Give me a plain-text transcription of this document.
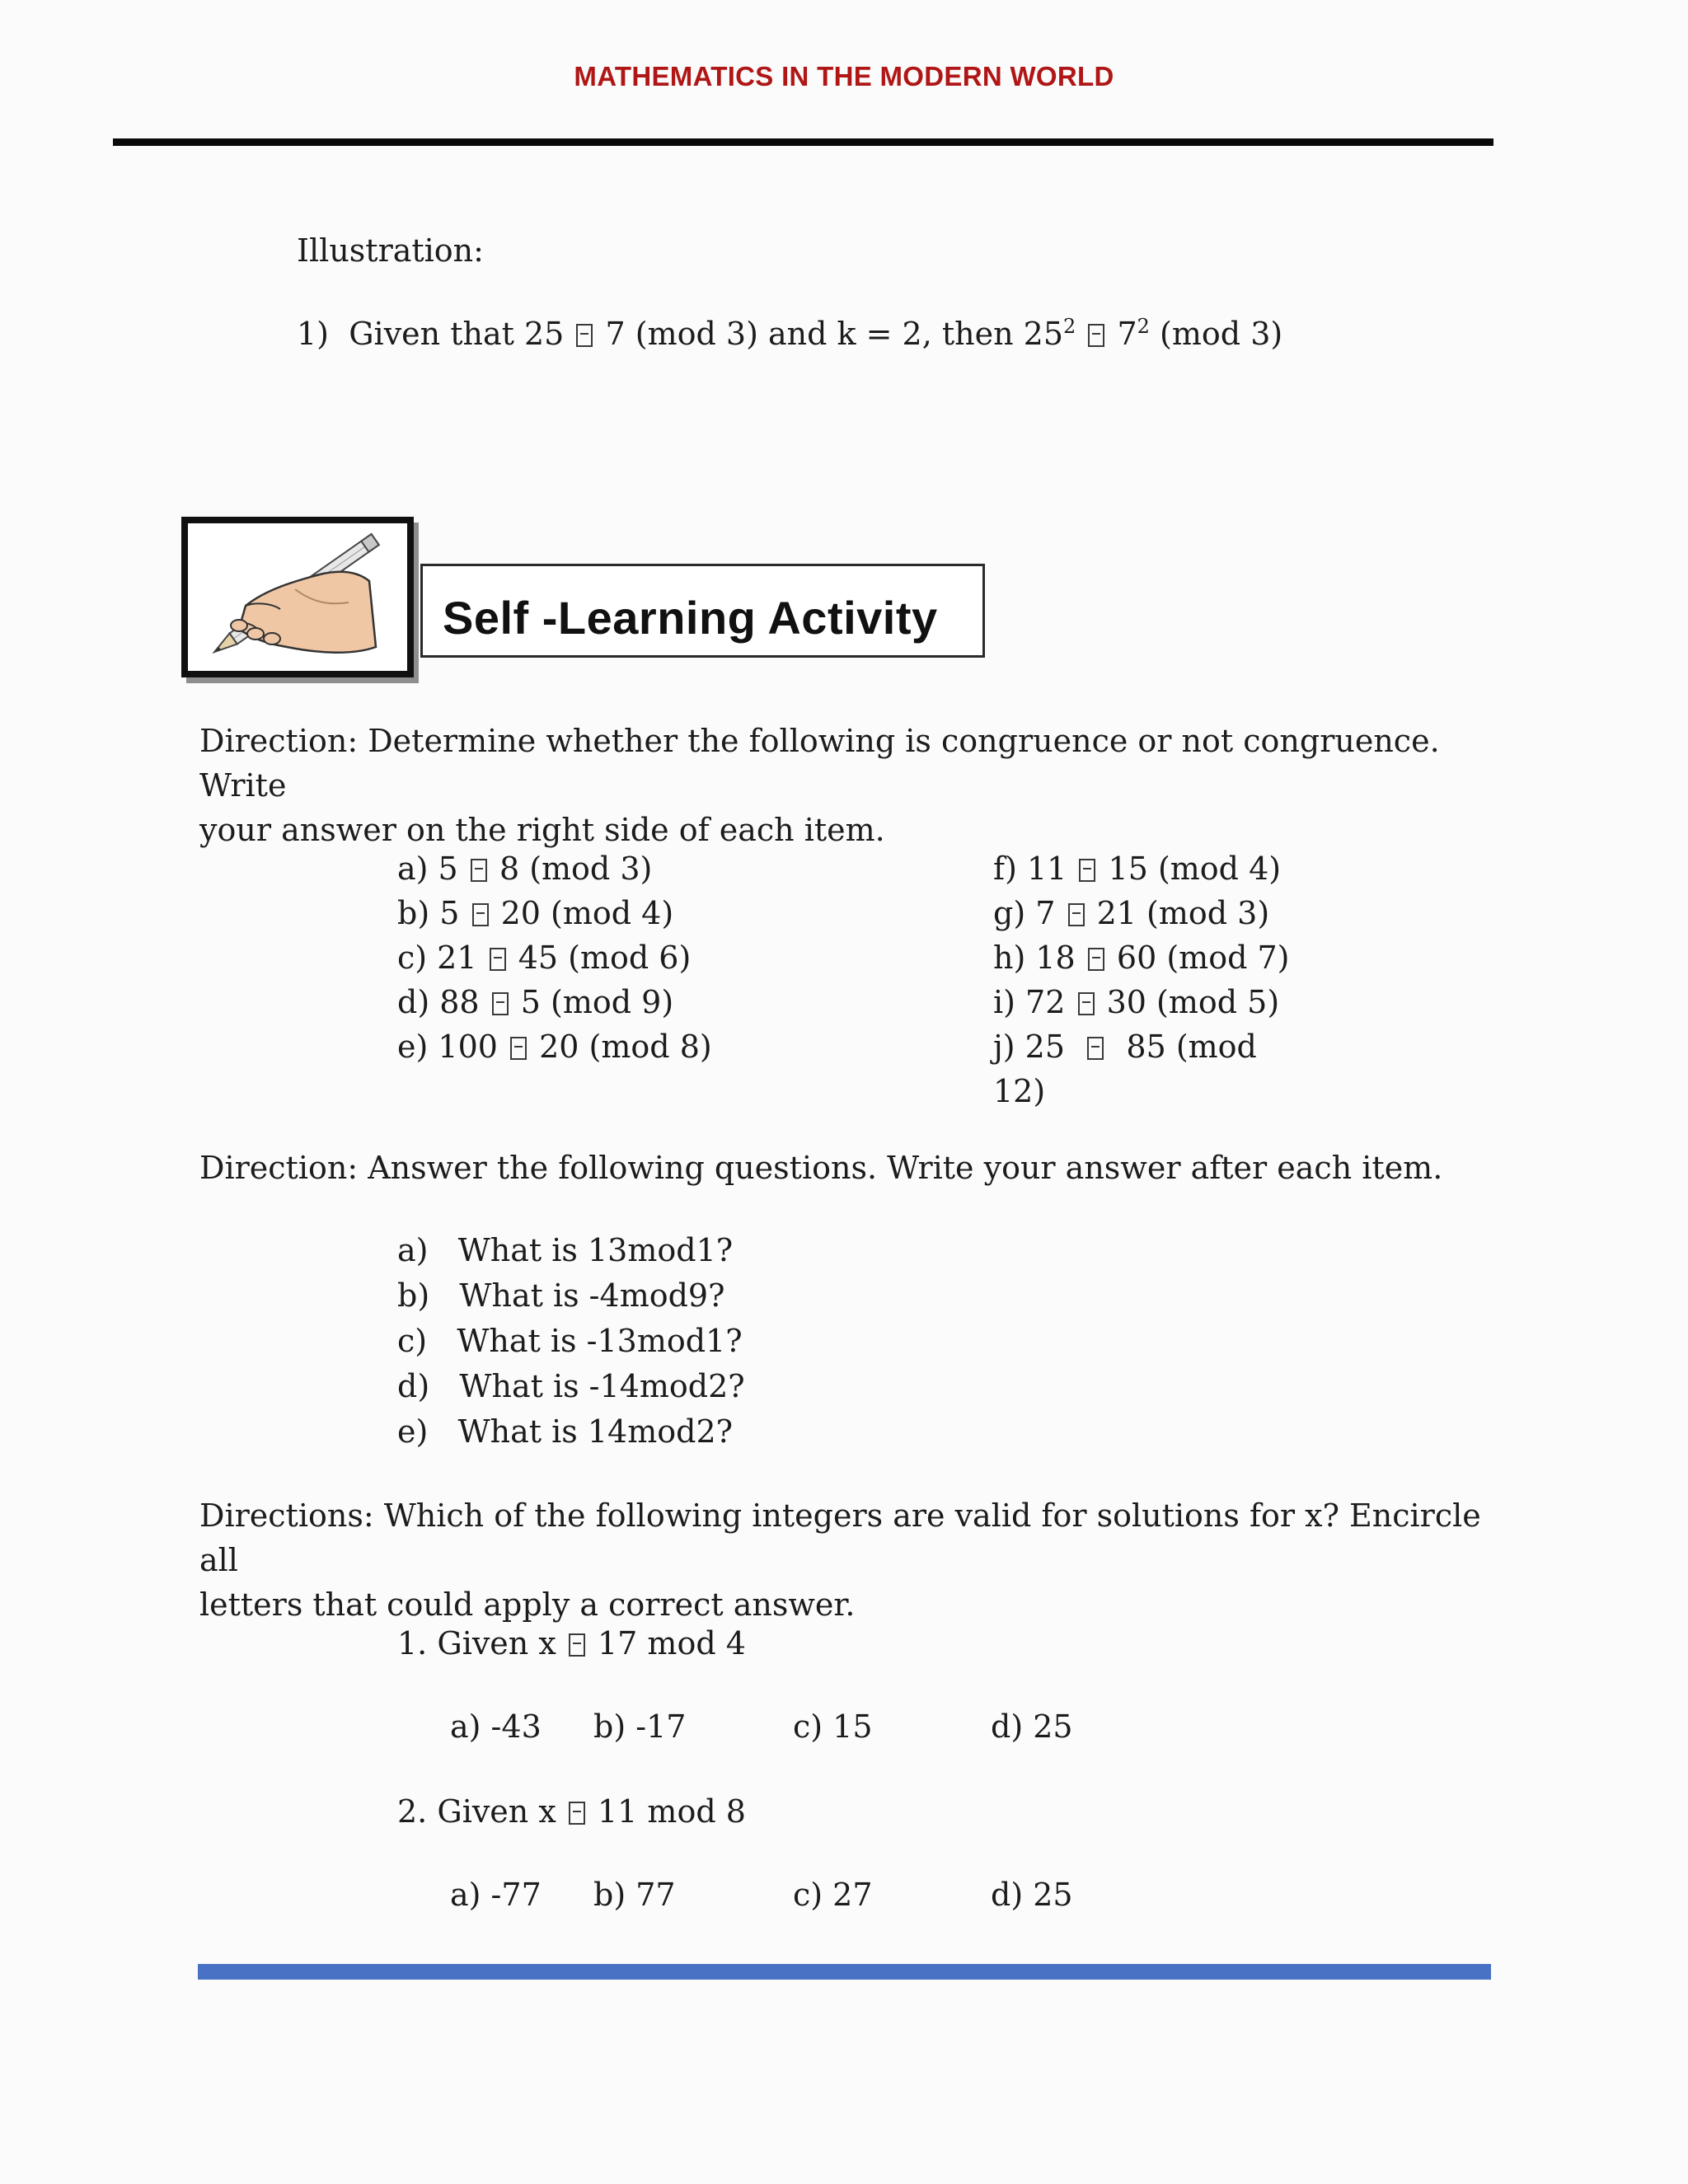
MATHEMATICS IN THE MODERN WORLD
Illustration:
1) Given that 25 7 (mod 3) and k = 2, then $25^2$ $7^2$ (mod 3)
Self -Learning Activity
Direction: Determine whether the following is congruence or not congruence. Write
your answer on the right side of each item.
a) 5 8 (mod 3)
b) 5 20 (mod 4)
c) 21 45 (mod 6)
d) 88 5 (mod 9)
e) 100 20 (mod 8)
f) 11 15 (mod 4)
g) 7 21 (mod 3)
h) 18 60 (mod 7)
i) 72 30 (mod 5)
j) 25 85 (mod
12)
Direction: Answer the following questions. Write your answer after each item.
a) What is 13mod1?
b) What is -4mod9?
c) What is -13mod1?
d) What is -14mod2?
e) What is 14mod2?
Directions: Which of the following integers are valid for solutions for x? Encircle all
letters that could apply a correct answer.
1. Given x 17 mod 4
a) -43 b) -17	c) 15	d) 25
2. Given x 11 mod 8
a) -77 b) 77	c) 27	d) 25
